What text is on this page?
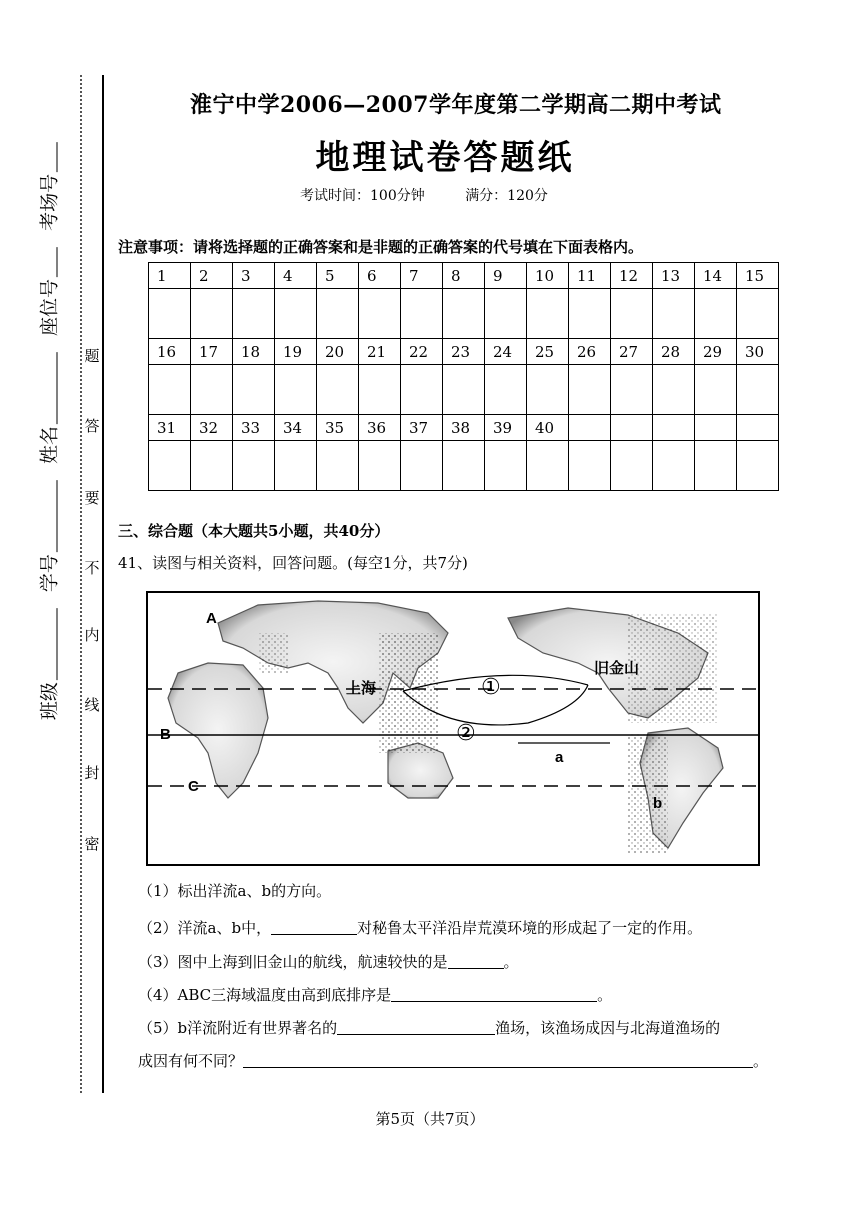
班级 学号 姓名 座位号 考场号
密
封
线
内
不
要
答
题
淮宁中学2006—2007学年度第二学期高二期中考试
地理试卷答题纸
考试时间：100分钟	满分：120分
注意事项：请将选择题的正确答案和是非题的正确答案的代号填在下面表格内。
1	2	3	4	5	6	7	8	9	10	11	12	13	14	15

16	17	18	19	20	21	22	23	24	25	26	27	28	29	30

31	32	33	34	35	36	37	38	39	40					

三、综合题（本大题共5小题，共40分）
41、读图与相关资料，回答问题。(每空1分，共7分)
A
B
C
上海
旧金山
①
②
a
b
（1）标出洋流a、b的方向。
（2）洋流a、b中，	对秘鲁太平洋沿岸荒漠环境的形成起了一定的作用。
（3）图中上海到旧金山的航线，航速较快的是	。
（4）ABC三海域温度由高到底排序是	。
（5）b洋流附近有世界著名的	渔场，该渔场成因与北海道渔场的
成因有何不同？	。
第5页（共7页）
